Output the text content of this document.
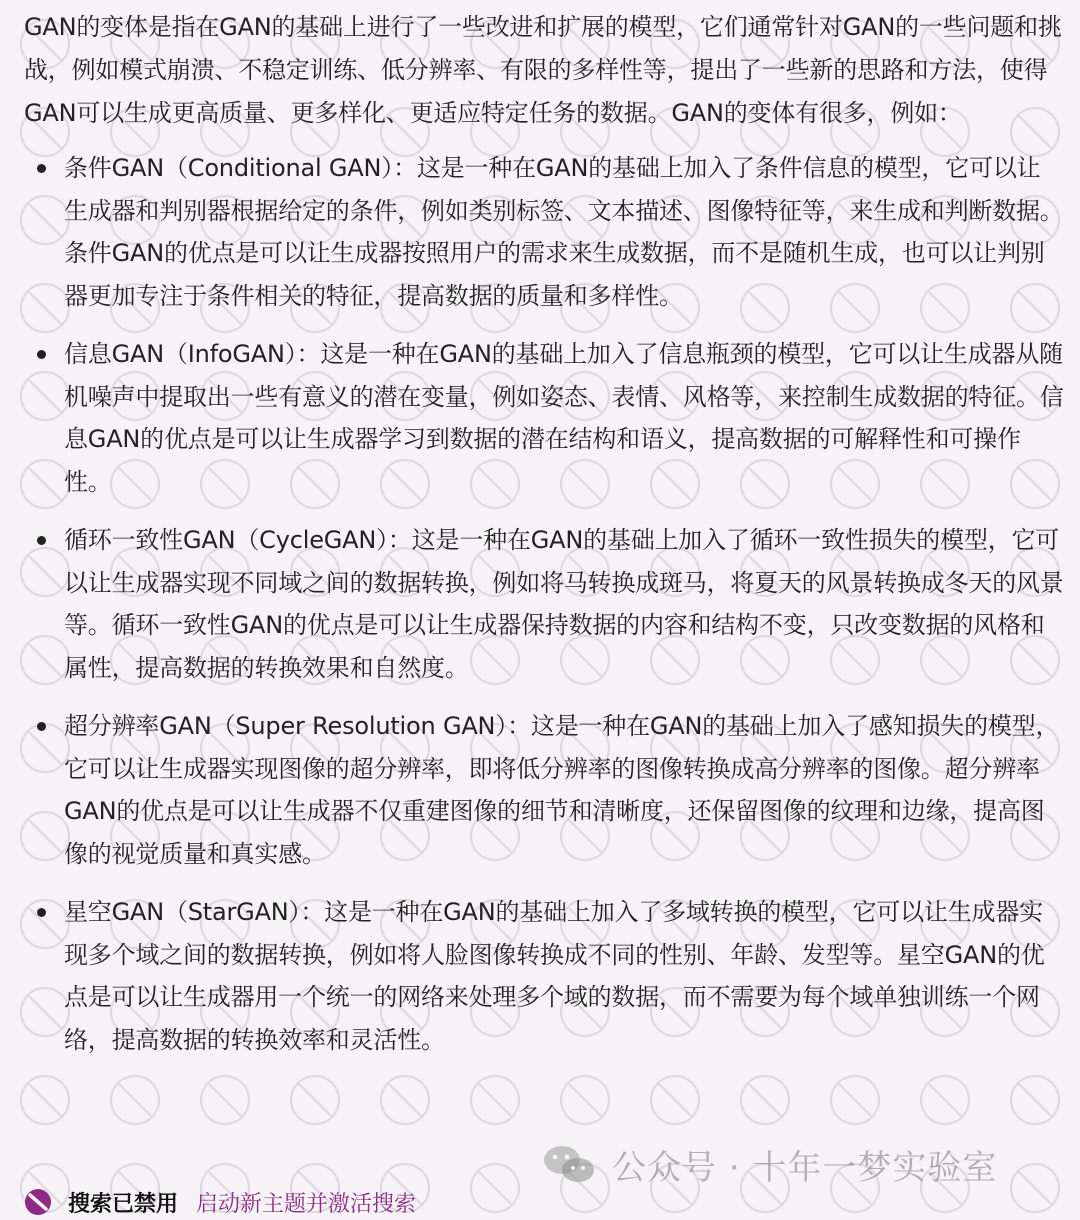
GAN的变体是指在GAN的基础上进行了一些改进和扩展的模型，它们通常针对GAN的一些问题和挑战，例如模式崩溃、不稳定训练、低分辨率、有限的多样性等，提出了一些新的思路和方法，使得GAN可以生成更高质量、更多样化、更适应特定任务的数据。GAN的变体有很多，例如：

条件GAN（Conditional GAN）：这是一种在GAN的基础上加入了条件信息的模型，它可以让生成器和判别器根据给定的条件，例如类别标签、文本描述、图像特征等，来生成和判断数据。条件GAN的优点是可以让生成器按照用户的需求来生成数据，而不是随机生成，也可以让判别器更加专注于条件相关的特征，提高数据的质量和多样性。
信息GAN（InfoGAN）：这是一种在GAN的基础上加入了信息瓶颈的模型，它可以让生成器从随机噪声中提取出一些有意义的潜在变量，例如姿态、表情、风格等，来控制生成数据的特征。信息GAN的优点是可以让生成器学习到数据的潜在结构和语义，提高数据的可解释性和可操作性。
循环一致性GAN（CycleGAN）：这是一种在GAN的基础上加入了循环一致性损失的模型，它可以让生成器实现不同域之间的数据转换，例如将马转换成斑马，将夏天的风景转换成冬天的风景等。循环一致性GAN的优点是可以让生成器保持数据的内容和结构不变，只改变数据的风格和属性，提高数据的转换效果和自然度。
超分辨率GAN（Super Resolution GAN）：这是一种在GAN的基础上加入了感知损失的模型，它可以让生成器实现图像的超分辨率，即将低分辨率的图像转换成高分辨率的图像。超分辨率GAN的优点是可以让生成器不仅重建图像的细节和清晰度，还保留图像的纹理和边缘，提高图像的视觉质量和真实感。
星空GAN（StarGAN）：这是一种在GAN的基础上加入了多域转换的模型，它可以让生成器实现多个域之间的数据转换，例如将人脸图像转换成不同的性别、年龄、发型等。星空GAN的优点是可以让生成器用一个统一的网络来处理多个域的数据，而不需要为每个域单独训练一个网络，提高数据的转换效率和灵活性。
公众号 · 十年一梦实验室
搜索已禁用 启动新主题并激活搜索
